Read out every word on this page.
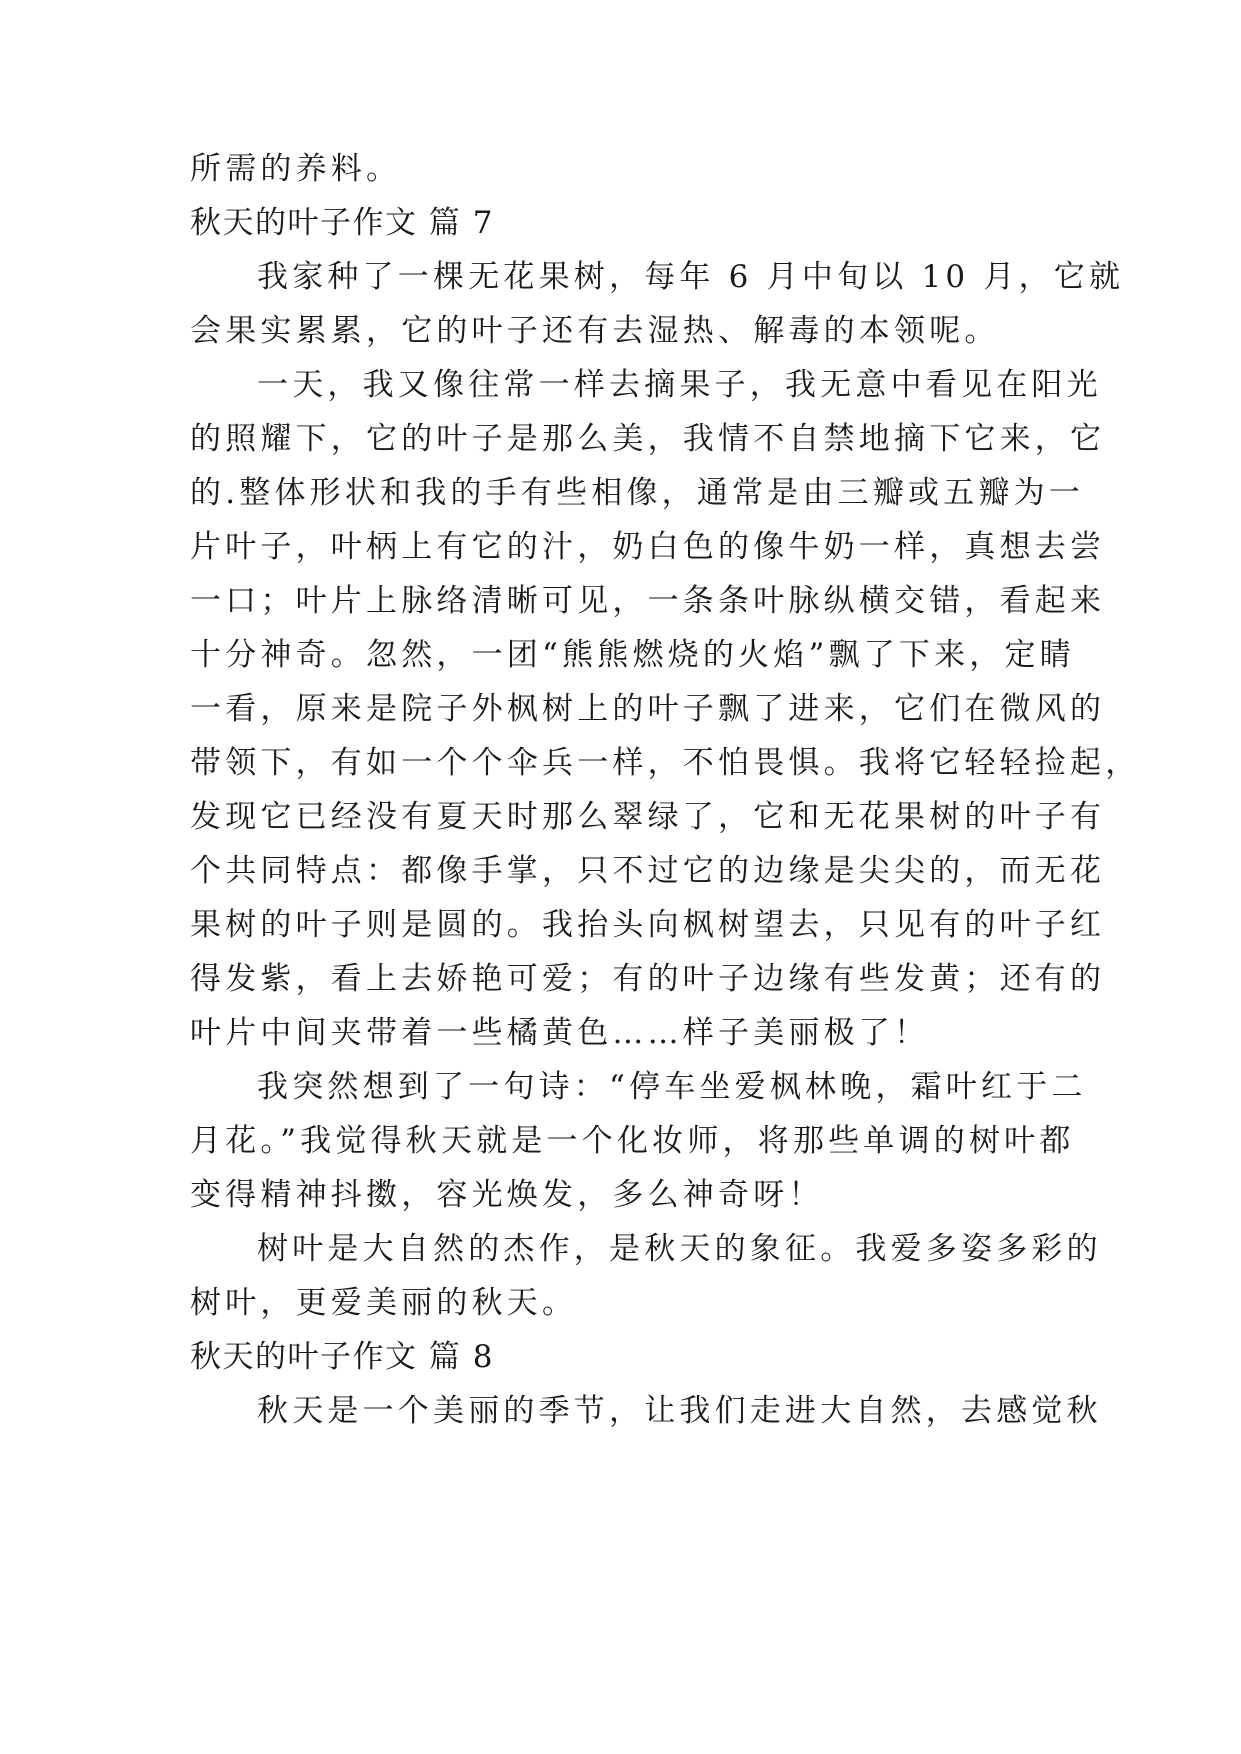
所需的养料。
秋天的叶子作文 篇 7
我家种了一棵无花果树，每年 6 月中旬以 10 月，它就
会果实累累，它的叶子还有去湿热、解毒的本领呢。
一天，我又像往常一样去摘果子，我无意中看见在阳光
的照耀下，它的叶子是那么美，我情不自禁地摘下它来，它
的.整体形状和我的手有些相像，通常是由三瓣或五瓣为一
片叶子，叶柄上有它的汁，奶白色的像牛奶一样，真想去尝
一口；叶片上脉络清晰可见，一条条叶脉纵横交错，看起来
十分神奇。忽然，一团“熊熊燃烧的火焰”飘了下来，定睛
一看，原来是院子外枫树上的叶子飘了进来，它们在微风的
带领下，有如一个个伞兵一样，不怕畏惧。我将它轻轻捡起，
发现它已经没有夏天时那么翠绿了，它和无花果树的叶子有
个共同特点：都像手掌，只不过它的边缘是尖尖的，而无花
果树的叶子则是圆的。我抬头向枫树望去，只见有的叶子红
得发紫，看上去娇艳可爱；有的叶子边缘有些发黄；还有的
叶片中间夹带着一些橘黄色……样子美丽极了！
我突然想到了一句诗：“停车坐爱枫林晚，霜叶红于二
月花。”我觉得秋天就是一个化妆师，将那些单调的树叶都
变得精神抖擞，容光焕发，多么神奇呀！
树叶是大自然的杰作，是秋天的象征。我爱多姿多彩的
树叶，更爱美丽的秋天。
秋天的叶子作文 篇 8
秋天是一个美丽的季节，让我们走进大自然，去感觉秋
